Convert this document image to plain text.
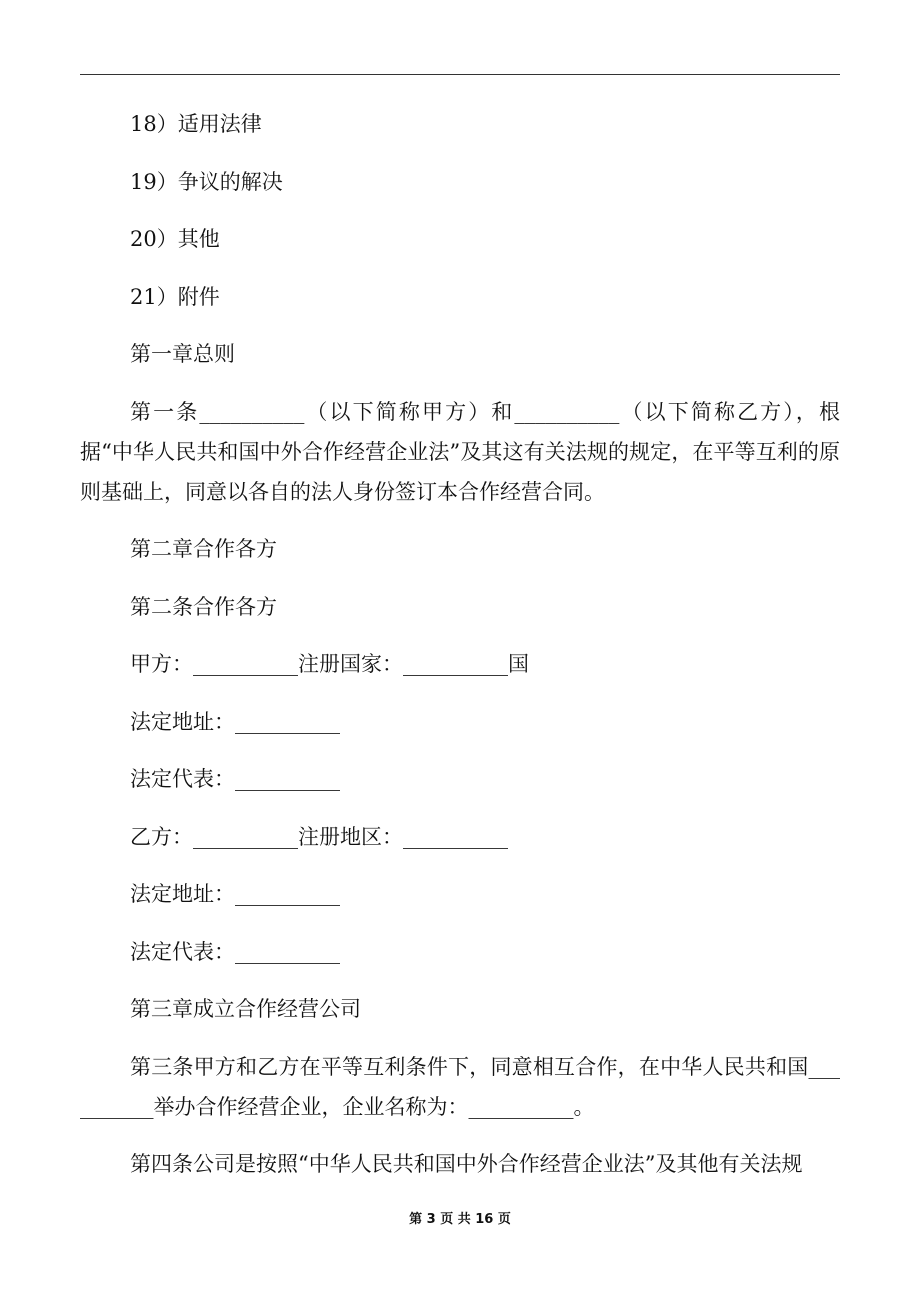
18）适用法律

19）争议的解决

20）其他

21）附件

第一章总则

第一条__________（以下简称甲方）和__________（以下简称乙方），根据“中华人民共和国中外合作经营企业法”及其这有关法规的规定，在平等互利的原则基础上，同意以各自的法人身份签订本合作经营合同。

第二章合作各方

第二条合作各方

甲方：__________注册国家：__________国

法定地址：__________

法定代表：__________

乙方：__________注册地区：__________

法定地址：__________

法定代表：__________

第三章成立合作经营公司

第三条甲方和乙方在平等互利条件下，同意相互合作，在中华人民共和国__________举办合作经营企业，企业名称为：__________。

第四条公司是按照“中华人民共和国中外合作经营企业法”及其他有关法规

第 3 页 共 16 页
